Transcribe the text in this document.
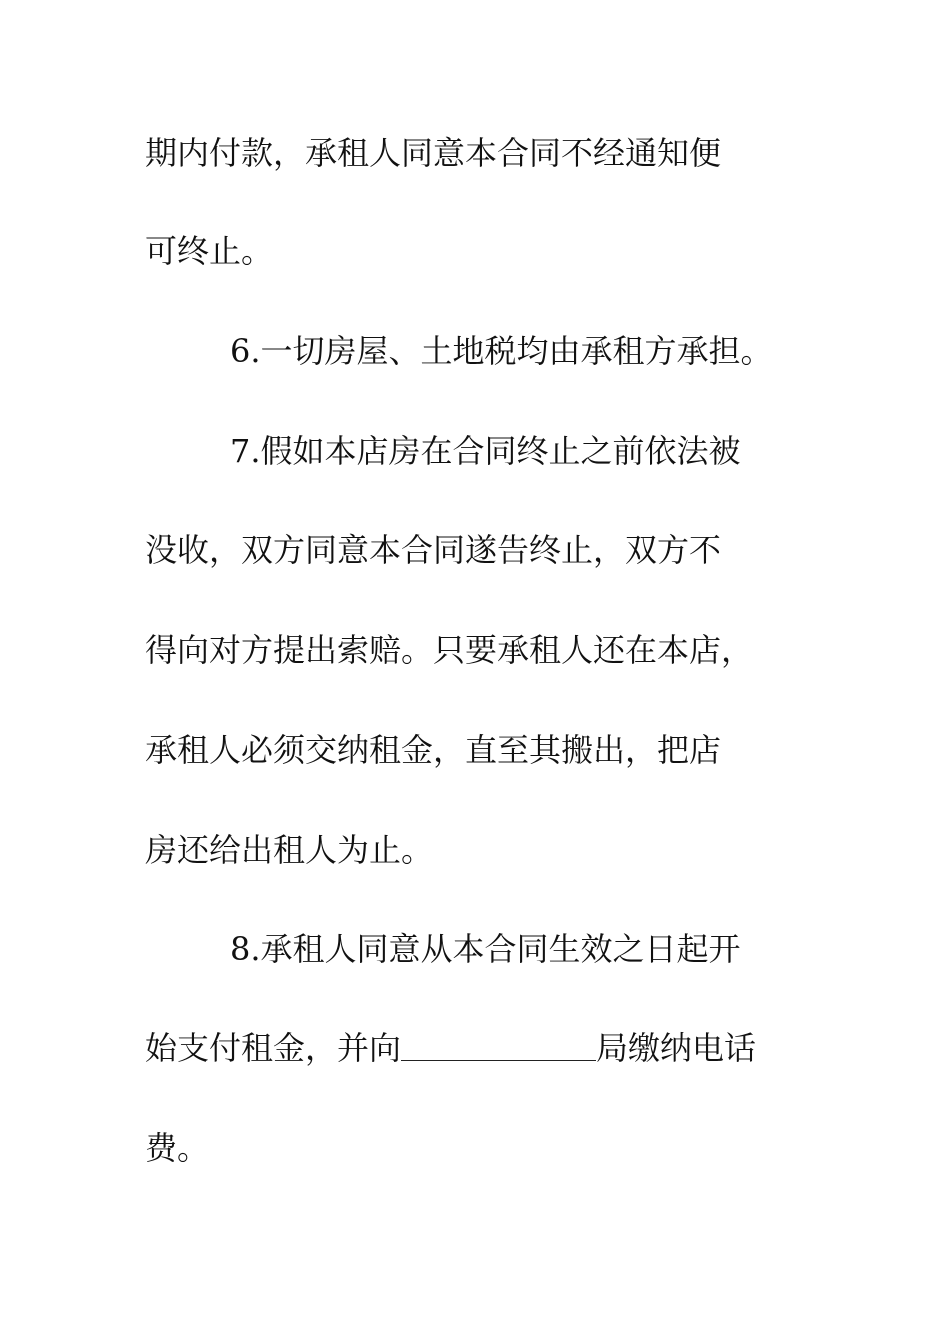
期内付款，承租人同意本合同不经通知便
可终止。
6.一切房屋、土地税均由承租方承担。
7.假如本店房在合同终止之前依法被
没收，双方同意本合同遂告终止，双方不
得向对方提出索赔。只要承租人还在本店，
承租人必须交纳租金，直至其搬出，把店
房还给出租人为止。
8.承租人同意从本合同生效之日起开
始支付租金，并向	局缴纳电话
费。
